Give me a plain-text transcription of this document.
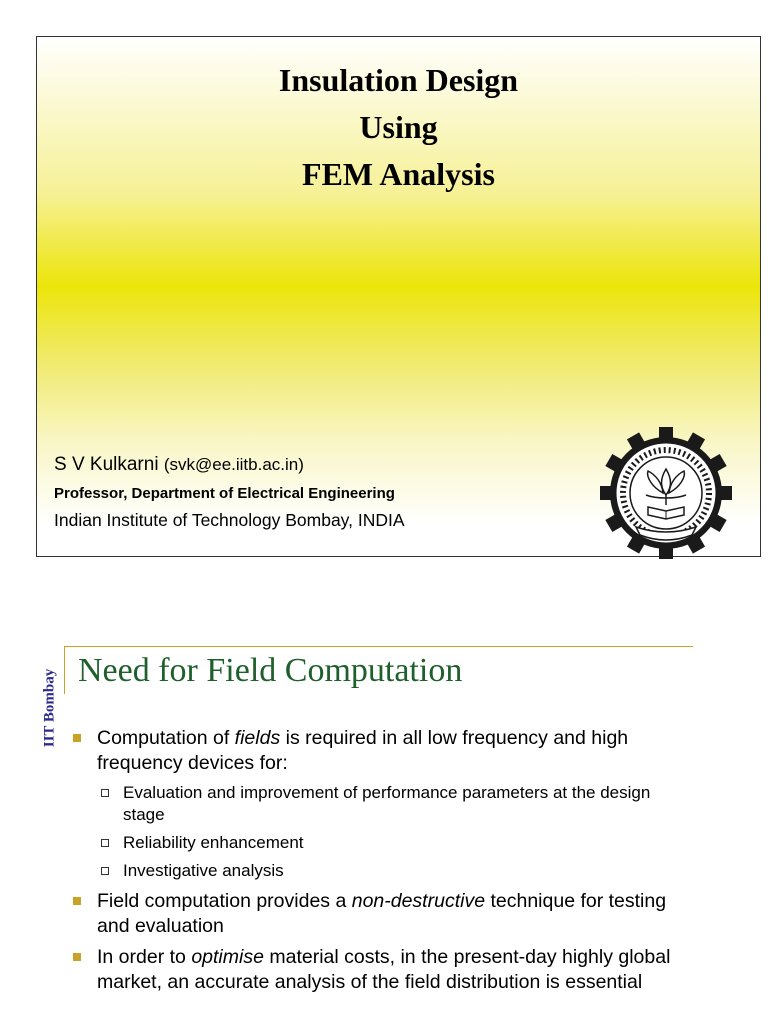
Insulation Design
Using
FEM Analysis
S V Kulkarni (svk@ee.iitb.ac.in)
Professor, Department of Electrical Engineering
Indian Institute of Technology Bombay, INDIA
IIT Bombay Need for Field Computation
Computation of fields is required in all low frequency and high frequency devices for:
Evaluation and improvement of performance parameters at the design stage
Reliability enhancement
Investigative analysis
Field computation provides a non-destructive technique for testing and evaluation
In order to optimise material costs, in the present-day highly global market, an accurate analysis of the field distribution is essential
